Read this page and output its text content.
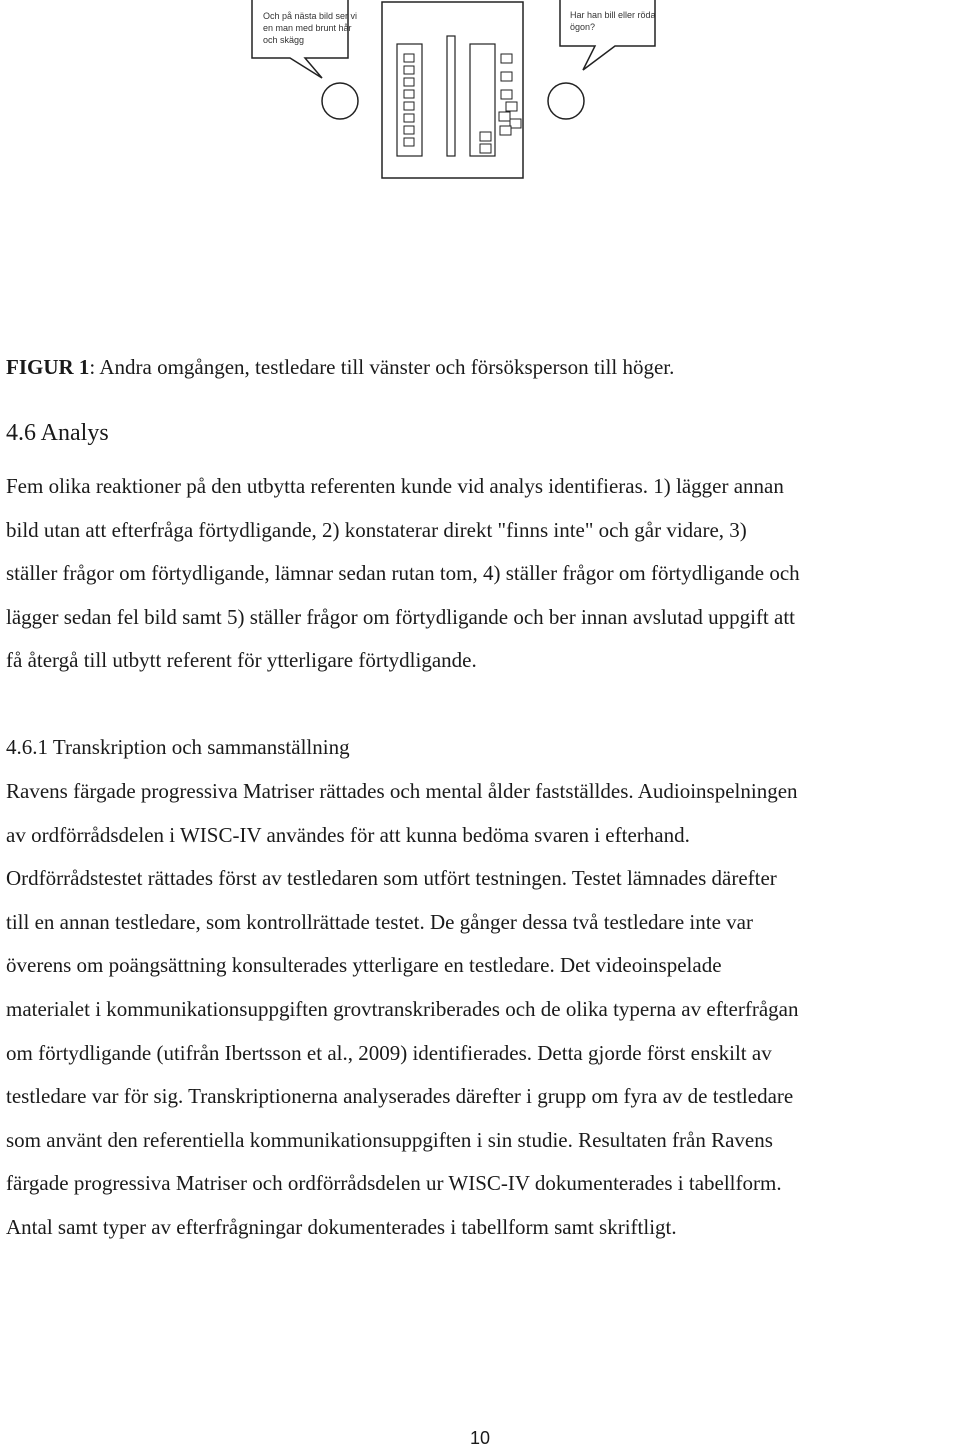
Och på nästa bild ser vi
en man med brunt hår
och skägg
Har han bill eller röda
ögon?
FIGUR 1: Andra omgången, testledare till vänster och försöksperson till höger.
4.6 Analys
Fem olika reaktioner på den utbytta referenten kunde vid analys identifieras. 1) lägger annan
bild utan att efterfråga förtydligande, 2) konstaterar direkt "finns inte" och går vidare, 3)
ställer frågor om förtydligande, lämnar sedan rutan tom, 4) ställer frågor om förtydligande och
lägger sedan fel bild samt 5) ställer frågor om förtydligande och ber innan avslutad uppgift att
få återgå till utbytt referent för ytterligare förtydligande.
4.6.1 Transkription och sammanställning
Ravens färgade progressiva Matriser rättades och mental ålder fastställdes. Audioinspelningen
av ordförrådsdelen i WISC-IV användes för att kunna bedöma svaren i efterhand.
Ordförrådstestet rättades först av testledaren som utfört testningen. Testet lämnades därefter
till en annan testledare, som kontrollrättade testet. De gånger dessa två testledare inte var
överens om poängsättning konsulterades ytterligare en testledare. Det videoinspelade
materialet i kommunikationsuppgiften grovtranskriberades och de olika typerna av efterfrågan
om förtydligande (utifrån Ibertsson et al., 2009) identifierades. Detta gjorde först enskilt av
testledare var för sig. Transkriptionerna analyserades därefter i grupp om fyra av de testledare
som använt den referentiella kommunikationsuppgiften i sin studie. Resultaten från Ravens
färgade progressiva Matriser och ordförrådsdelen ur WISC-IV dokumenterades i tabellform.
Antal samt typer av efterfrågningar dokumenterades i tabellform samt skriftligt.
10
